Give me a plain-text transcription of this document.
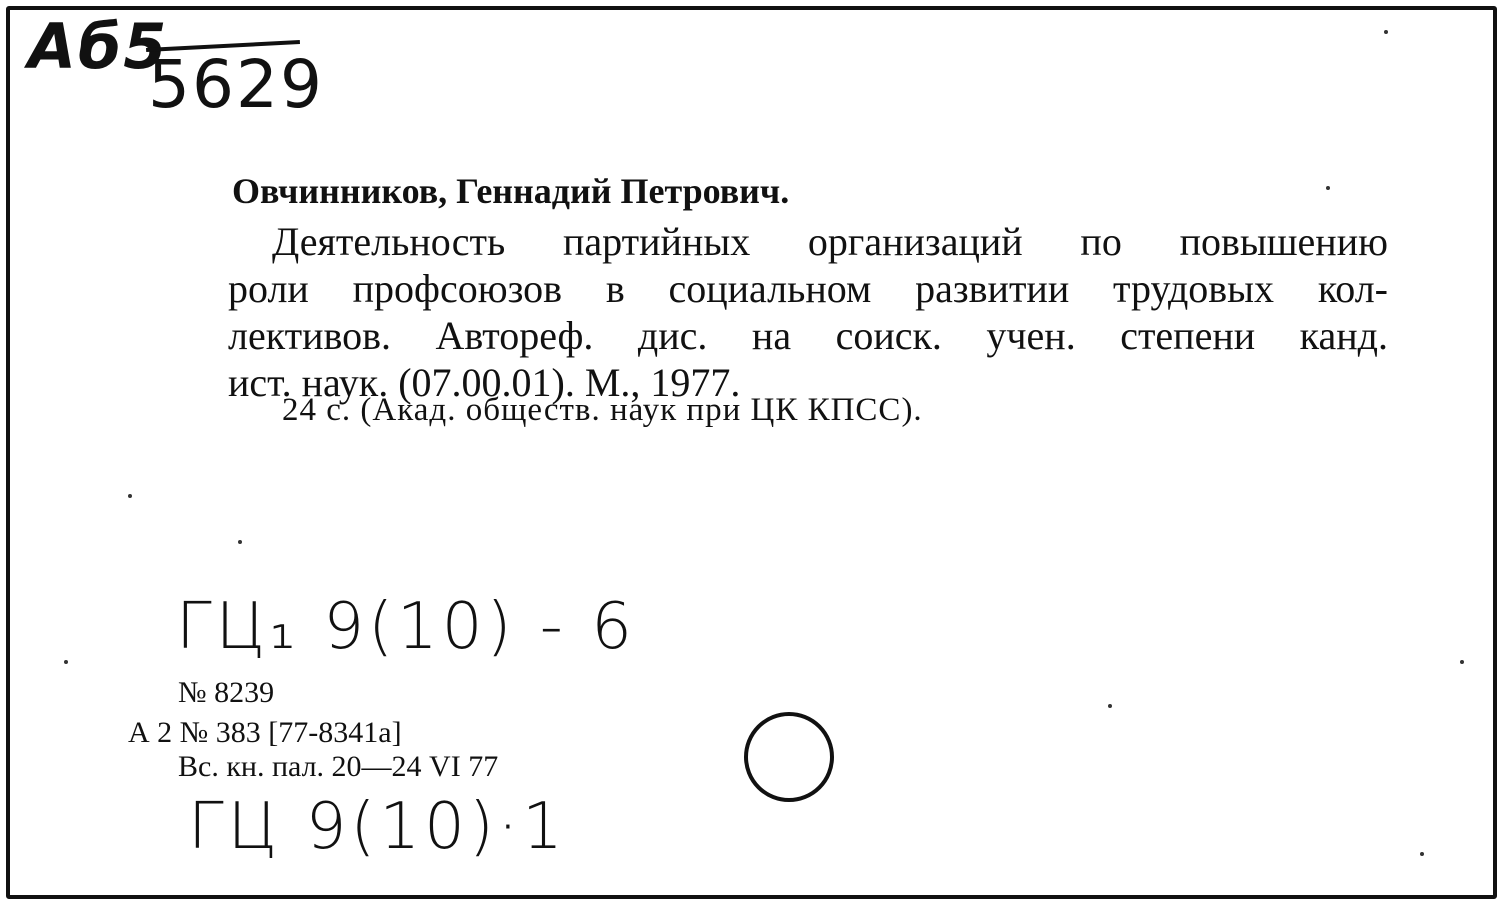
Аб5
5629
Овчинников, Геннадий Петрович.
Деятельность партийных организаций по повышению
роли профсоюзов в социальном развитии трудовых кол-
лективов. Автореф. дис. на соиск. учен. степени канд.
ист. наук. (07.00.01). М., 1977.
24 с. (Акад. обществ. наук при ЦК КПСС).
ГЦ₁ 9(10) - 6
№ 8239
А 2 № 383 [77-8341а]
Вс. кн. пал. 20—24 VI 77
ГЦ 9(10)·1
